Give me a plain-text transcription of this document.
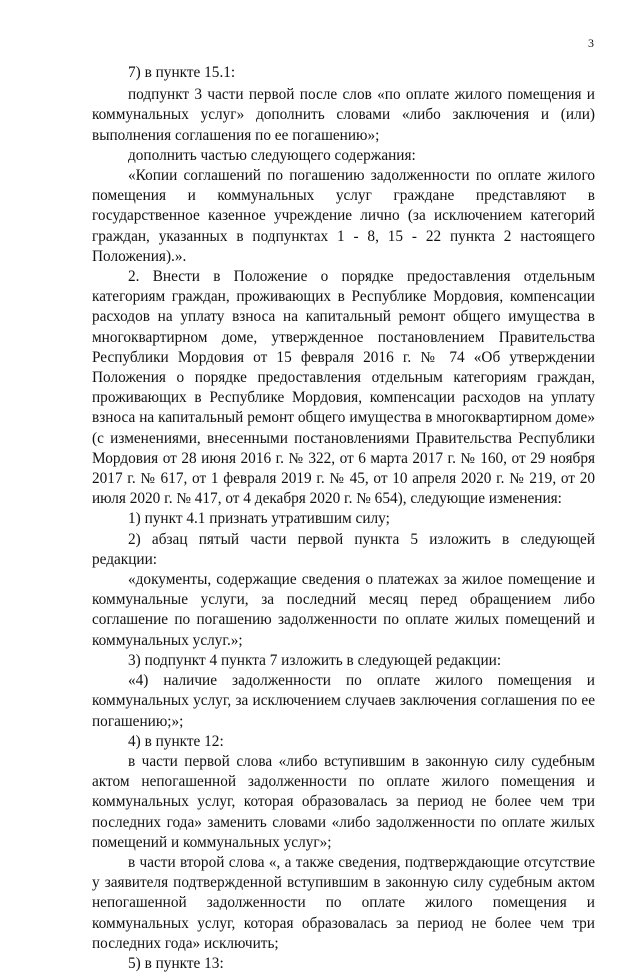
3

7) в пункте 15.1:

подпункт 3 части первой после слов «по оплате жилого помещения и коммунальных услуг» дополнить словами «либо заключения и (или) выполнения соглашения по ее погашению»;

дополнить частью следующего содержания:

«Копии соглашений по погашению задолженности по оплате жилого помещения и коммунальных услуг граждане представляют в государственное казенное учреждение лично (за исключением категорий граждан, указанных в подпунктах 1 - 8, 15 - 22 пункта 2 настоящего Положения).».

2. Внести в Положение о порядке предоставления отдельным категориям граждан, проживающих в Республике Мордовия, компенсации расходов на уплату взноса на капитальный ремонт общего имущества в многоквартирном доме, утвержденное постановлением Правительства Республики Мордовия от 15 февраля 2016 г. № 74 «Об утверждении Положения о порядке предоставления отдельным категориям граждан, проживающих в Республике Мордовия, компенсации расходов на уплату взноса на капитальный ремонт общего имущества в многоквартирном доме» (с изменениями, внесенными постановлениями Правительства Республики Мордовия от 28 июня 2016 г. № 322, от 6 марта 2017 г. № 160, от 29 ноября 2017 г. № 617, от 1 февраля 2019 г. № 45, от 10 апреля 2020 г. № 219, от 20 июля 2020 г. № 417, от 4 декабря 2020 г. № 654), следующие изменения:

1) пункт 4.1 признать утратившим силу;

2) абзац пятый части первой пункта 5 изложить в следующей редакции:

«документы, содержащие сведения о платежах за жилое помещение и коммунальные услуги, за последний месяц перед обращением либо соглашение по погашению задолженности по оплате жилых помещений и коммунальных услуг.»;

3) подпункт 4 пункта 7 изложить в следующей редакции:

«4) наличие задолженности по оплате жилого помещения и коммунальных услуг, за исключением случаев заключения соглашения по ее погашению;»;

4) в пункте 12:

в части первой слова «либо вступившим в законную силу судебным актом непогашенной задолженности по оплате жилого помещения и коммунальных услуг, которая образовалась за период не более чем три последних года» заменить словами «либо задолженности по оплате жилых помещений и коммунальных услуг»;

в части второй слова «, а также сведения, подтверждающие отсутствие у заявителя подтвержденной вступившим в законную силу судебным актом непогашенной задолженности по оплате жилого помещения и коммунальных услуг, которая образовалась за период не более чем три последних года» исключить;

5) в пункте 13:
